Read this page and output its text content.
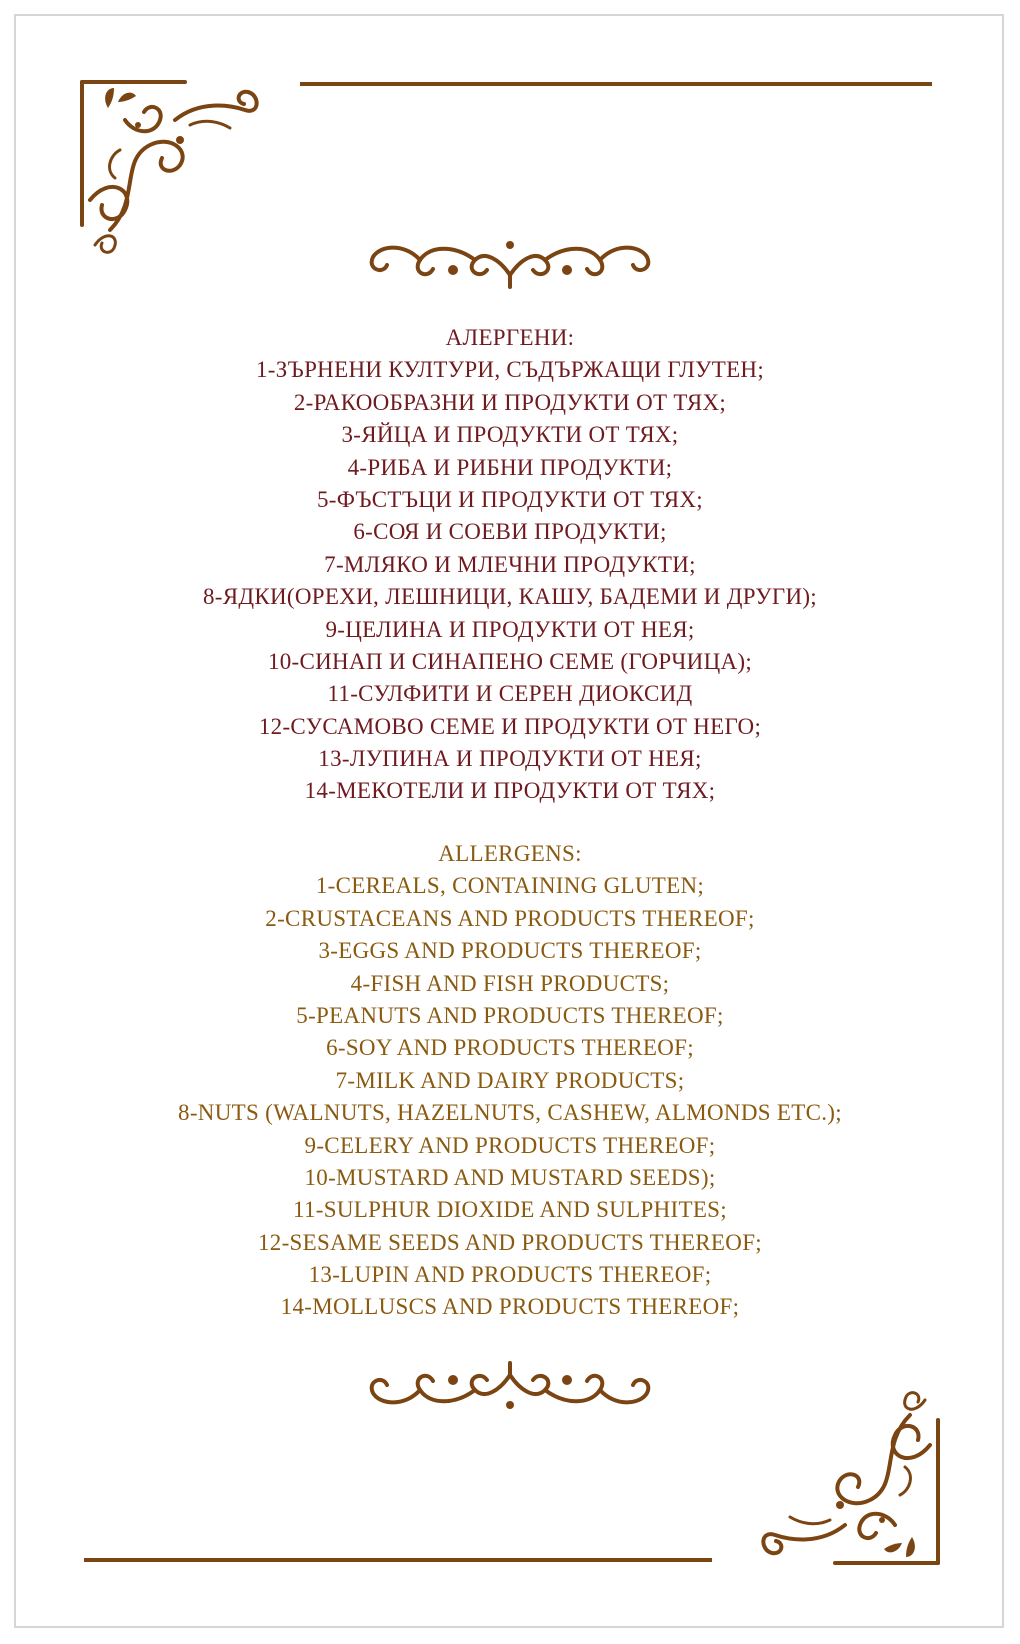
АЛЕРГЕНИ:
1-ЗЪРНЕНИ КУЛТУРИ, СЪДЪРЖАЩИ ГЛУТЕН;
2-РАКООБРАЗНИ И ПРОДУКТИ ОТ ТЯХ;
3-ЯЙЦА И ПРОДУКТИ ОТ ТЯХ;
4-РИБА И РИБНИ ПРОДУКТИ;
5-ФЪСТЪЦИ И ПРОДУКТИ ОТ ТЯХ;
6-СОЯ И СОЕВИ ПРОДУКТИ;
7-МЛЯКО И МЛЕЧНИ ПРОДУКТИ;
8-ЯДКИ(ОРЕХИ, ЛЕШНИЦИ, КАШУ, БАДЕМИ И ДРУГИ);
9-ЦЕЛИНА И ПРОДУКТИ ОТ НЕЯ;
10-СИНАП И СИНАПЕНО СЕМЕ (ГОРЧИЦА);
11-СУЛФИТИ И СЕРЕН ДИОКСИД
12-СУСАМОВО СЕМЕ И ПРОДУКТИ ОТ НЕГО;
13-ЛУПИНА И ПРОДУКТИ ОТ НЕЯ;
14-МЕКОТЕЛИ И ПРОДУКТИ ОТ ТЯХ;
ALLERGENS:
1-CEREALS, CONTAINING GLUTEN;
2-CRUSTACEANS AND PRODUCTS THEREOF;
3-EGGS AND PRODUCTS THEREOF;
4-FISH AND FISH PRODUCTS;
5-PEANUTS AND PRODUCTS THEREOF;
6-SOY AND PRODUCTS THEREOF;
7-MILK AND DAIRY PRODUCTS;
8-NUTS (WALNUTS, HAZELNUTS, CASHEW, ALMONDS ETC.);
9-CELERY AND PRODUCTS THEREOF;
10-MUSTARD AND MUSTARD SEEDS);
11-SULPHUR DIOXIDE AND SULPHITES;
12-SESAME SEEDS AND PRODUCTS THEREOF;
13-LUPIN AND PRODUCTS THEREOF;
14-MOLLUSCS AND PRODUCTS THEREOF;
